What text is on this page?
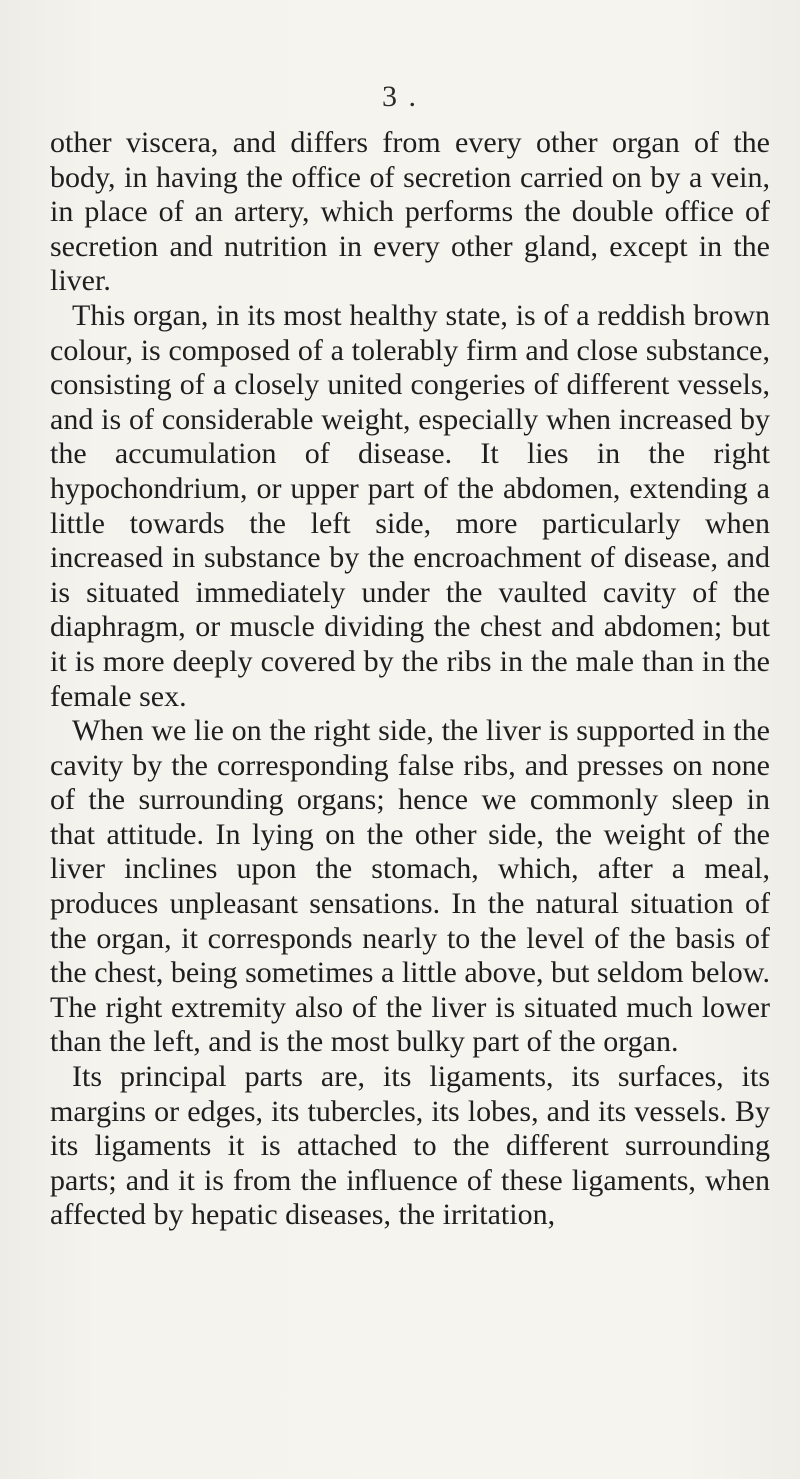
3 .

other viscera, and differs from every other organ of the body, in having the office of secretion carried on by a vein, in place of an artery, which performs the double office of secretion and nutrition in every other gland, except in the liver.

This organ, in its most healthy state, is of a reddish brown colour, is composed of a tolerably firm and close substance, consisting of a closely united congeries of different vessels, and is of considerable weight, especially when increased by the accumulation of disease. It lies in the right hypochondrium, or upper part of the abdomen, extending a little towards the left side, more particularly when increased in substance by the encroachment of disease, and is situated immediately under the vaulted cavity of the diaphragm, or muscle dividing the chest and abdomen; but it is more deeply covered by the ribs in the male than in the female sex.

When we lie on the right side, the liver is supported in the cavity by the corresponding false ribs, and presses on none of the surrounding organs; hence we commonly sleep in that attitude. In lying on the other side, the weight of the liver inclines upon the stomach, which, after a meal, produces unpleasant sensations. In the natural situation of the organ, it corresponds nearly to the level of the basis of the chest, being sometimes a little above, but seldom below. The right extremity also of the liver is situated much lower than the left, and is the most bulky part of the organ.

Its principal parts are, its ligaments, its surfaces, its margins or edges, its tubercles, its lobes, and its vessels. By its ligaments it is attached to the different surrounding parts; and it is from the influence of these ligaments, when affected by hepatic diseases, the irritation,
